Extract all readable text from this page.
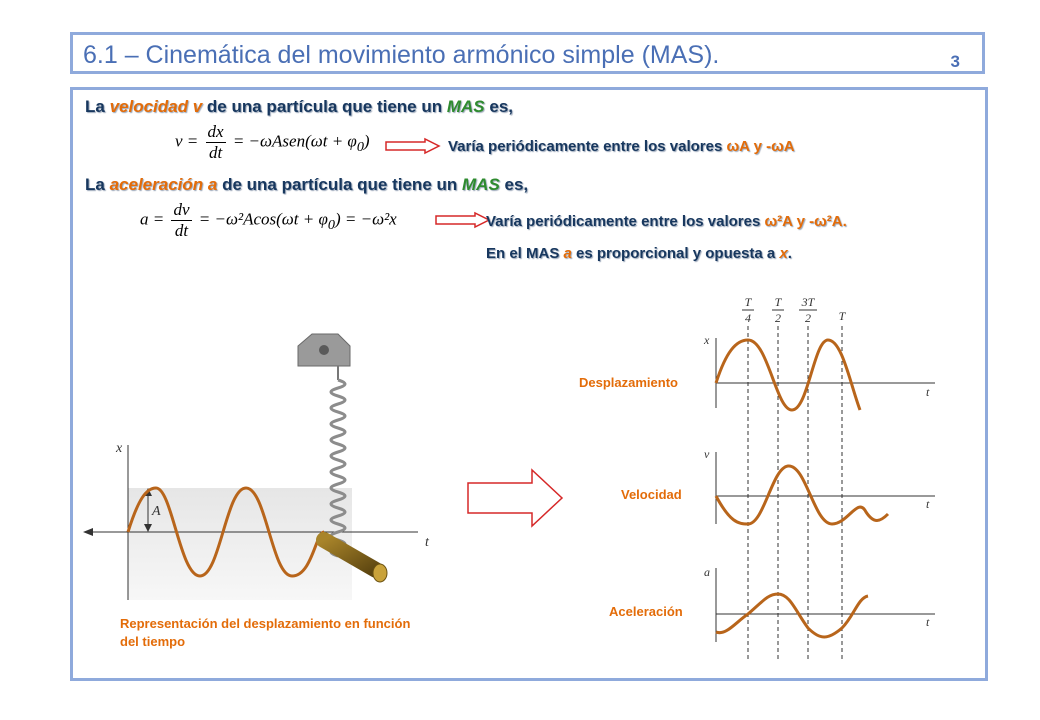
6.1 – Cinemática del movimiento armónico simple (MAS).	3
La velocidad v de una partícula que tiene un MAS es,
$v = \frac{dx}{dt}$ = −ωAsen(ωt + $\varphi_0$)	Varía periódicamente entre los valores ωA y -ωA
La aceleración a de una partícula que tiene un MAS es,
$a = \frac{dv}{dt} = -\omega^2Acos(\omega t + \varphi_0) = -\omega^2x$	Varía periódicamente entre los valores ω²A y -ω²A.
En el MAS a es proporcional y opuesta a x.
x
t
A
Representación del desplazamiento en función del tiempo
T
4
T
2
3T
2 T
x
t
v
t
a
t
Desplazamiento
Velocidad
Aceleración
